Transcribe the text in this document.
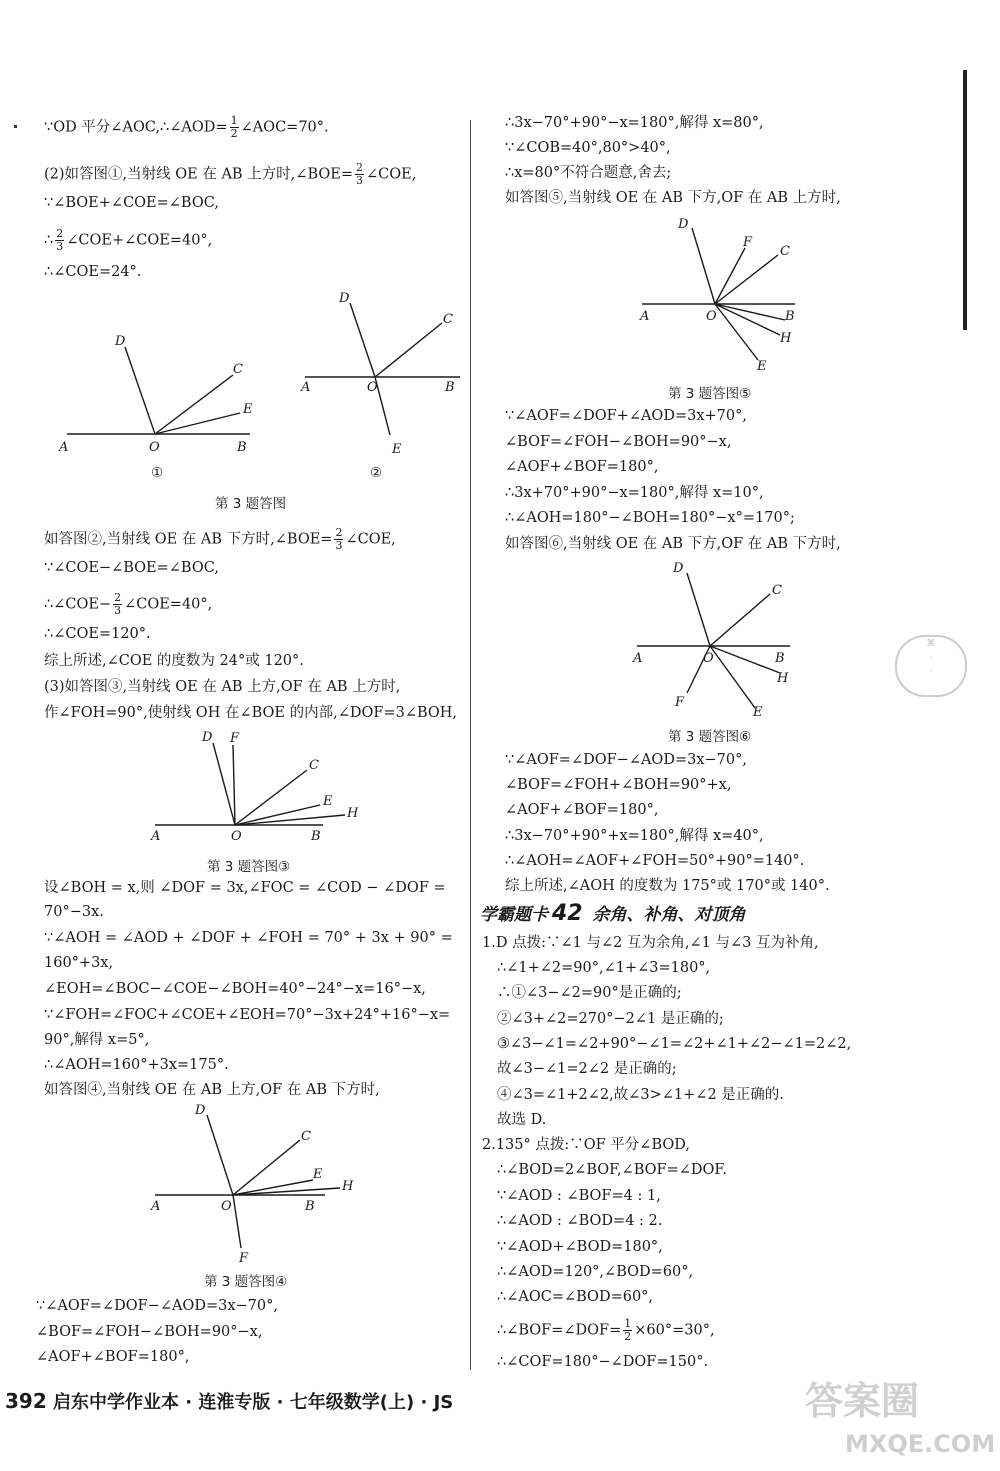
∵OD 平分∠AOC,∴∠AOD= $\frac{1}{2}$ ∠AOC=70°.
(2)如答图①,当射线 OE 在 AB 上方时,∠BOE= $\frac{2}{3}$ ∠COE,
∵∠BOE+∠COE=∠BOC,
∴ $\frac{2}{3}$ ∠COE+∠COE=40°,
∴∠COE=24°.
A	O	B
D
C
E
①
A	O	B
D
C
E
②
第 3 题答图
如答图②,当射线 OE 在 AB 下方时,∠BOE= $\frac{2}{3}$ ∠COE,
∵∠COE−∠BOE=∠BOC,
∴∠COE− $\frac{2}{3}$ ∠COE=40°,
∴∠COE=120°.
综上所述,∠COE 的度数为 24°或 120°.
(3)如答图③,当射线 OE 在 AB 上方,OF 在 AB 上方时,
作∠FOH=90°,使射线 OH 在∠BOE 的内部,∠DOF=3∠BOH,
A	O	B
D F
C
E
H
第 3 题答图③
设∠BOH = x,则 ∠DOF = 3x,∠FOC = ∠COD − ∠DOF =
70°−3x.
∵∠AOH = ∠AOD + ∠DOF + ∠FOH = 70° + 3x + 90° =
160°+3x,
∠EOH=∠BOC−∠COE−∠BOH=40°−24°−x=16°−x,
∵∠FOH=∠FOC+∠COE+∠EOH=70°−3x+24°+16°−x=
90°,解得 x=5°,
∴∠AOH=160°+3x=175°.
如答图④,当射线 OE 在 AB 上方,OF 在 AB 下方时,
A	O	B
D
C
E
H
F
第 3 题答图④
∵∠AOF=∠DOF−∠AOD=3x−70°,
∠BOF=∠FOH−∠BOH=90°−x,
∠AOF+∠BOF=180°,
∴3x−70°+90°−x=180°,解得 x=80°,
∵∠COB=40°,80°>40°,
∴x=80°不符合题意,舍去;
如答图⑤,当射线 OE 在 AB 下方,OF 在 AB 上方时,
A	O	B
D
F
C
H
E
第 3 题答图⑤
∵∠AOF=∠DOF+∠AOD=3x+70°,
∠BOF=∠FOH−∠BOH=90°−x,
∠AOF+∠BOF=180°,
∴3x+70°+90°−x=180°,解得 x=10°,
∴∠AOH=180°−∠BOH=180°−x°=170°;
如答图⑥,当射线 OE 在 AB 下方,OF 在 AB 下方时,
A	O	B
D
C
H
E
F
第 3 题答图⑥
∵∠AOF=∠DOF−∠AOD=3x−70°,
∠BOF=∠FOH+∠BOH=90°+x,
∠AOF+∠BOF=180°,
∴3x−70°+90°+x=180°,解得 x=40°,
∴∠AOH=∠AOF+∠FOH=50°+90°=140°.
综上所述,∠AOH 的度数为 175°或 170°或 140°.
学霸题卡 42 余角、补角、对顶角
1.D 点拨:∵∠1 与∠2 互为余角,∠1 与∠3 互为补角,
∴∠1+∠2=90°,∠1+∠3=180°,
∴①∠3−∠2=90°是正确的;
②∠3+∠2=270°−2∠1 是正确的;
③∠3−∠1=∠2+90°−∠1=∠2+∠1+∠2−∠1=2∠2,
故∠3−∠1=2∠2 是正确的;
④∠3=∠1+2∠2,故∠3>∠1+∠2 是正确的.
故选 D.
2.135° 点拨:∵OF 平分∠BOD,
∴∠BOD=2∠BOF,∠BOF=∠DOF.
∵∠AOD : ∠BOF=4 : 1,
∴∠AOD : ∠BOD=4 : 2.
∵∠AOD+∠BOD=180°,
∴∠AOD=120°,∠BOD=60°,
∴∠AOC=∠BOD=60°,
∴∠BOF=∠DOF= $\frac{1}{2} \times 60^\circ=30^\circ$,
∴∠COF=180°−∠DOF=150°.
⌘
·
·
392 启东中学作业本 · 连淮专版 · 七年级数学(上) · JS	答案圈
MXQE.COM
